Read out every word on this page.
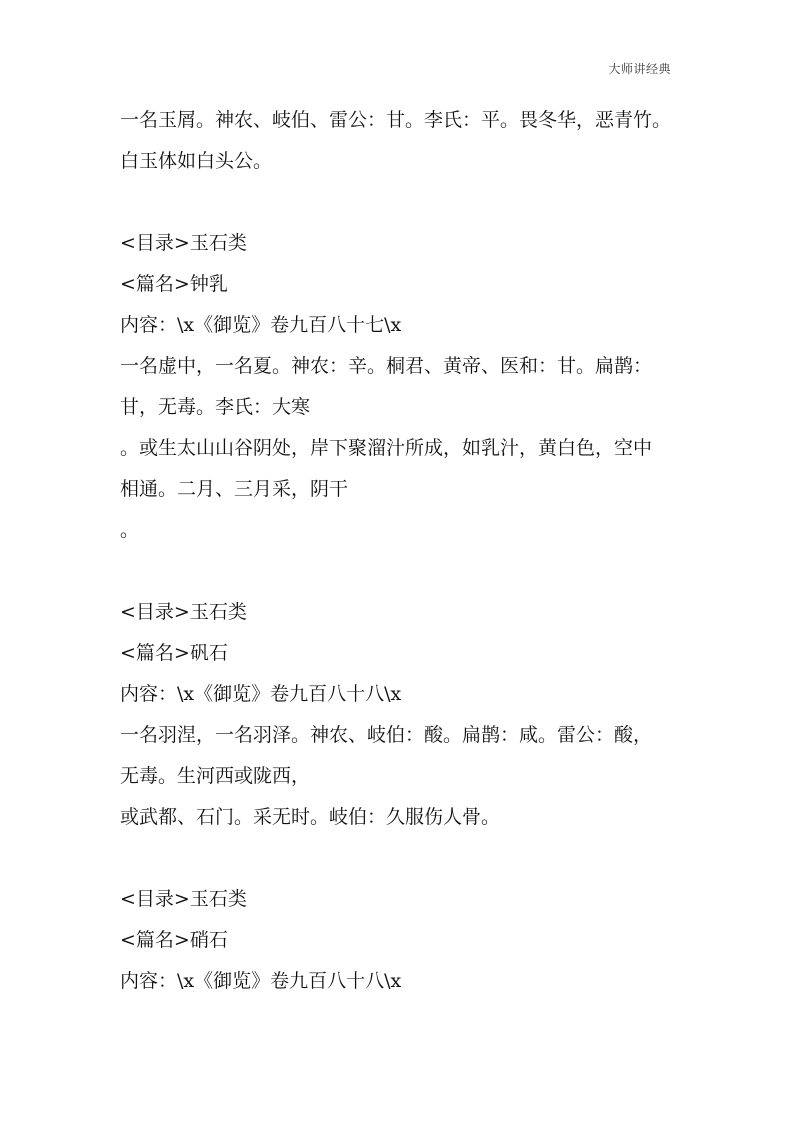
大师讲经典
一名玉屑。神农、岐伯、雷公：甘。李氏：平。畏冬华，恶青竹。
白玉体如白头公。
<目录>玉石类
<篇名>钟乳
内容：\x《御览》卷九百八十七\x
一名虚中，一名夏。神农：辛。桐君、黄帝、医和：甘。扁鹊：
甘，无毒。李氏：大寒
。或生太山山谷阴处，岸下聚溜汁所成，如乳汁，黄白色，空中
相通。二月、三月采，阴干
。
<目录>玉石类
<篇名>矾石
内容：\x《御览》卷九百八十八\x
一名羽涅，一名羽泽。神农、岐伯：酸。扁鹊：咸。雷公：酸，
无毒。生河西或陇西，
或武都、石门。采无时。岐伯：久服伤人骨。
<目录>玉石类
<篇名>硝石
内容：\x《御览》卷九百八十八\x
